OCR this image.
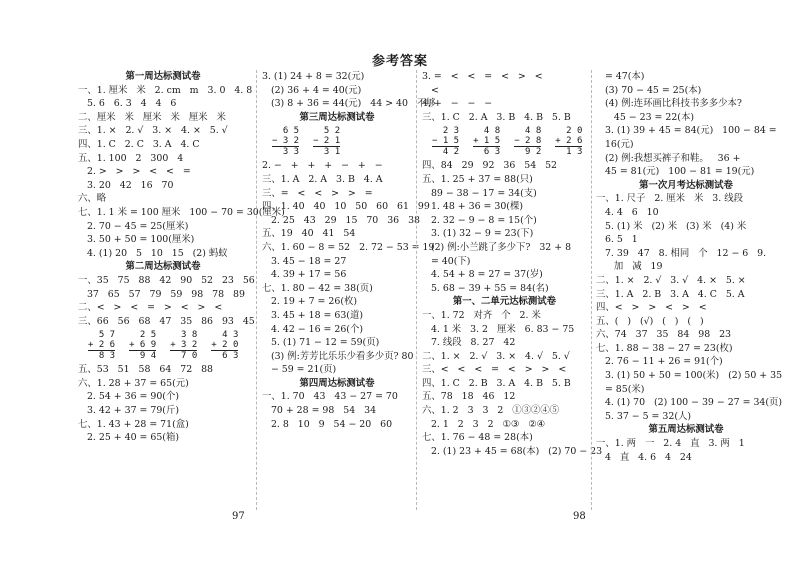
参考答案
第一周达标测试卷
一、1. 厘米   米   2. cm   m   3. 0   4. 8
5. 6   6. 3   4   4   6
二、厘米   米   厘米   米   厘米   米
三、1. ×   2. √   3. ×   4. ×   5. √
四、1. C   2. C   3. A   4. C
五、1. 100   2   300   4
2. >   >   >   <   <   =
3. 20   42   16   70
六、略
七、1. 1 米 = 100 厘米   100 − 70 = 30(厘米)
2. 70 − 45 = 25(厘米)
3. 50 + 50 = 100(厘米)
4. (1) 20   5   10   15   (2) 蚂蚁
第二周达标测试卷
一、35   75   88   42   90   52   23   56
37   65   57   79   59   98   78   89
二、<   >   <   =   >   <   >   <
三、66   56   68   47   35   86   93   45
5 7
+ 2 6
8 3
2 5
+ 6 9
9 4
3 8
+ 3 2
7 0
4 3
+ 2 0
6 3
五、53   51   58   64   72   88
六、1. 28 + 37 = 65(元)
2. 54 + 36 = 90(个)
3. 42 + 37 = 79(斤)
七、1. 43 + 28 = 71(盒)
2. 25 + 40 = 65(箱)
3. (1) 24 + 8 = 32(元)
(2) 36 + 4 = 40(元)
(3) 8 + 36 = 44(元)   44 > 40   不够
第三周达标测试卷
6 5
− 3 2
3 3
5 2
− 2 1
3 1
2. −   +   +   +   −   +   −
三、1. A   2. A   3. B   4. A
三、=   <   <   >   >   =
四、1. 40   40   10   50   60   61   99
2. 25   43   29   15   70   36   38
五、19   40   41   54
六、1. 60 − 8 = 52   2. 72 − 53 = 19
3. 45 − 18 = 27
4. 39 + 17 = 56
七、1. 80 − 42 = 38(页)
2. 19 + 7 = 26(枚)
3. 45 + 18 = 63(道)
4. 42 − 16 = 26(个)
5. (1) 71 − 12 = 59(页)
(3) 例:芳芳比乐乐少看多少页? 80
− 59 = 21(页)
第四周达标测试卷
一、1. 70   43   43 − 27 = 70
70 + 28 = 98   54   34
2. 8   10   9   54 − 20   60
3. =   <   <   =   <   >   <
<
4. +   −   −   −
三、1. C   2. A   3. B   4. B   5. B
2 3
− 1 5
4 2
4 8
+ 1 5
6 3
4 8
− 2 8
9 2
2 0
+ 2 6
1 3
四、84   29   92   36   54   52
五、1. 25 + 37 = 88(只)
89 − 38 − 17 = 34(支)
1. 48 + 36 = 30(棵)
2. 32 − 9 − 8 = 15(个)
3. (1) 32 − 9 = 23(下)
(2) 例:小兰跳了多少下?   32 + 8
= 40(下)
4. 54 + 8 = 27 = 37(岁)
5. 68 − 39 + 55 = 84(名)
第一、二单元达标测试卷
一、1. 72   对齐   个   2. 米
4. 1 米   3. 2   厘米   6. 83 − 75
7. 线段   8. 27   42
二、1. ×   2. √   3. ×   4. √   5. √
三、<   <   <   =   <   >   >   <
四、1. C   2. B   3. A   4. B   5. B
五、78   18   46   12
六、1. 2   3   3   2   ①③②④⑤
2. 1   2   3   2   ①③   ②④
七、1. 76 − 48 = 28(本)
2. (1) 23 + 45 = 68(本)   (2) 70 − 23
= 47(本)
(3) 70 − 45 = 25(本)
(4) 例:连环画比科技书多多少本?
45 − 23 = 22(本)
3. (1) 39 + 45 = 84(元)   100 − 84 =
16(元)
(2) 例:我想买裤子和鞋。   36 +
45 = 81(元)   100 − 81 = 19(元)
第一次月考达标测试卷
一、1. 尺子   2. 厘米   米   3. 线段
4. 4   6   10
5. (1) 米   (2) 米   (3) 米   (4) 米
6. 5   1
7. 39   47   8. 相同   个   12 − 6   9.
加   减   19
二、1. ×   2. √   3. √   4. ×   5. ×
三、1. A   2. B   3. A   4. C   5. A
四、<   >   >   <   >   <
五、(   )   (√)   (   )   (   )
六、74   37   35   84   98   23
七、1. 88 − 38 − 27 = 23(枚)
2. 76 − 11 + 26 = 91(个)
3. (1) 50 + 50 = 100(米)   (2) 50 + 35
= 85(米)
4. (1) 70   (2) 100 − 39 − 27 = 34(页)
5. 37 − 5 = 32(人)
第五周达标测试卷
一、1. 两   一   2. 4   直   3. 两   1
4   直   4. 6   4   24
97	98
